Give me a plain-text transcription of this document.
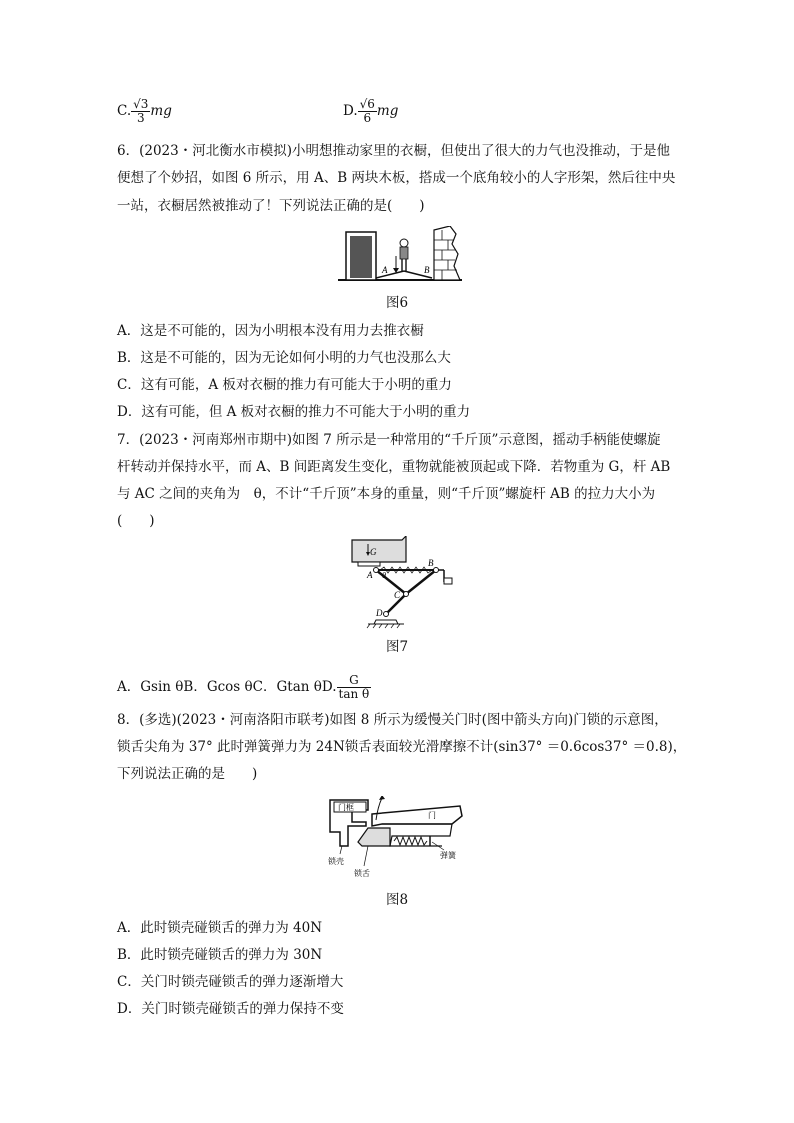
C. $\frac{√3}{3}$ mg	D. $\frac{√6}{6}$ mg
6．(2023・河北衡水市模拟)小明想推动家里的衣橱，但使出了很大的力气也没推动，于是他
便想了个妙招，如图 6 所示，用 A、B 两块木板，搭成一个底角较小的人字形架，然后往中央
一站，衣橱居然被推动了！下列说法正确的是(　　)
A	B
图6
A．这是不可能的，因为小明根本没有用力去推衣橱
B．这是不可能的，因为无论如何小明的力气也没那么大
C．这有可能，A 板对衣橱的推力有可能大于小明的重力
D．这有可能，但 A 板对衣橱的推力不可能大于小明的重力
7．(2023・河南郑州市期中)如图 7 所示是一种常用的“千斤顶”示意图，摇动手柄能使螺旋
杆转动并保持水平，而 A、B 间距离发生变化，重物就能被顶起或下降．若物重为 G，杆 AB
与 AC 之间的夹角为　θ，不计“千斤顶”本身的重量，则“千斤顶”螺旋杆 AB 的拉力大小为
(　　)
G
A
B
C
D
θ
图7
A．Gsin θB．Gcos θC．Gtan θD. $\frac{G}{\text{tan θ}}$
8．(多选)(2023・河南洛阳市联考)如图 8 所示为缓慢关门时(图中箭头方向)门锁的示意图，
锁舌尖角为 37° 此时弹簧弹力为 24N锁舌表面较光滑摩擦不计(sin37° ＝0.6cos37° ＝0.8)，
下列说法正确的是　　)
门框
门
弹簧
锁壳
锁舌
图8
A．此时锁壳碰锁舌的弹力为 40N
B．此时锁壳碰锁舌的弹力为 30N
C．关门时锁壳碰锁舌的弹力逐渐增大
D．关门时锁壳碰锁舌的弹力保持不变
